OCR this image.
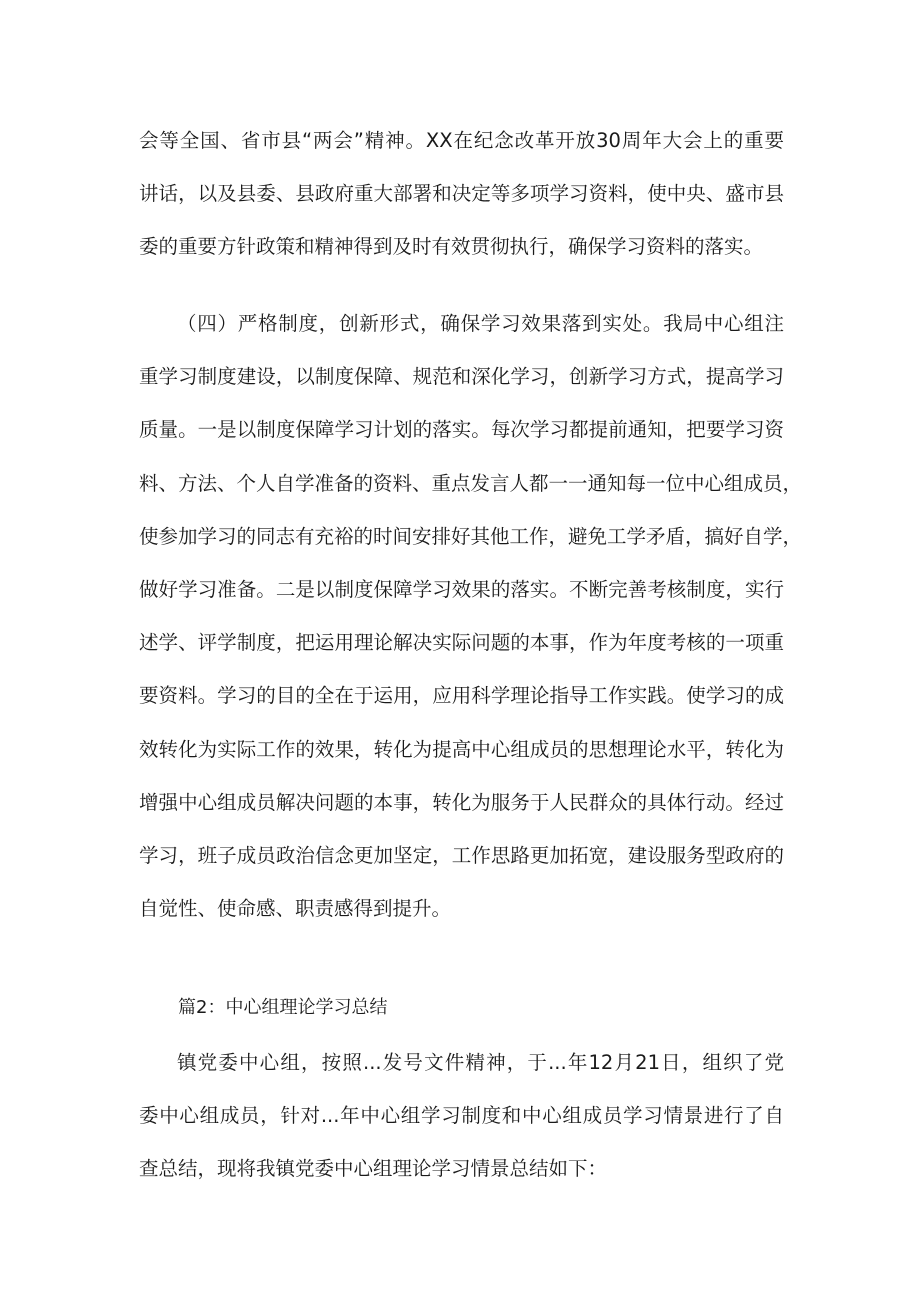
会等全国、省市县“两会”精神。XX在纪念改革开放30周年大会上的重要
讲话，以及县委、县政府重大部署和决定等多项学习资料，使中央、盛市县
委的重要方针政策和精神得到及时有效贯彻执行，确保学习资料的落实。
（四）严格制度，创新形式，确保学习效果落到实处。我局中心组注
重学习制度建设，以制度保障、规范和深化学习，创新学习方式，提高学习
质量。一是以制度保障学习计划的落实。每次学习都提前通知，把要学习资
料、方法、个人自学准备的资料、重点发言人都一一通知每一位中心组成员，
使参加学习的同志有充裕的时间安排好其他工作，避免工学矛盾，搞好自学，
做好学习准备。二是以制度保障学习效果的落实。不断完善考核制度，实行
述学、评学制度，把运用理论解决实际问题的本事，作为年度考核的一项重
要资料。学习的目的全在于运用，应用科学理论指导工作实践。使学习的成
效转化为实际工作的效果，转化为提高中心组成员的思想理论水平，转化为
增强中心组成员解决问题的本事，转化为服务于人民群众的具体行动。经过
学习，班子成员政治信念更加坚定，工作思路更加拓宽，建设服务型政府的
自觉性、使命感、职责感得到提升。
篇2：中心组理论学习总结
镇党委中心组，按照...发号文件精神，于...年12月21日，组织了党
委中心组成员，针对...年中心组学习制度和中心组成员学习情景进行了自
查总结，现将我镇党委中心组理论学习情景总结如下：
